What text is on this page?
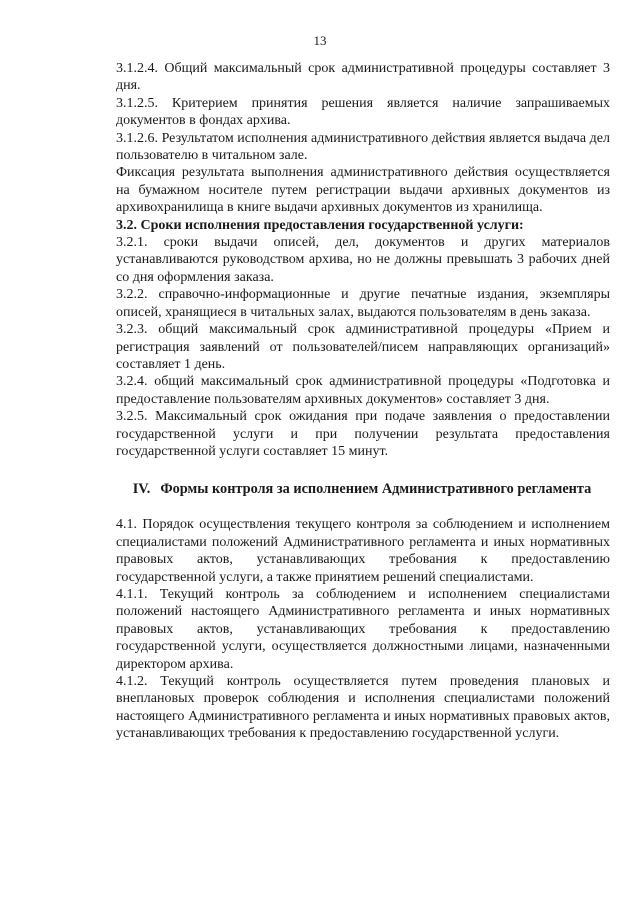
13

3.1.2.4. Общий максимальный срок административной процедуры составляет 3 дня.

3.1.2.5. Критерием принятия решения является наличие запрашиваемых документов в фондах архива.

3.1.2.6. Результатом исполнения административного действия является выдача дел пользователю в читальном зале.

Фиксация результата выполнения административного действия осуществляется на бумажном носителе путем регистрации выдачи архивных документов из архивохранилища в книге выдачи архивных документов из хранилища.

3.2. Сроки исполнения предоставления государственной услуги:

3.2.1. сроки выдачи описей, дел, документов и других материалов устанавливаются руководством архива, но не должны превышать 3 рабочих дней со дня оформления заказа.

3.2.2. справочно-информационные и другие печатные издания, экземпляры описей, хранящиеся в читальных залах, выдаются пользователям в день заказа.

3.2.3. общий максимальный срок административной процедуры «Прием и регистрация заявлений от пользователей/писем направляющих организаций» составляет 1 день.

3.2.4. общий максимальный срок административной процедуры «Подготовка и предоставление пользователям архивных документов» составляет 3 дня.

3.2.5. Максимальный срок ожидания при подаче заявления о предоставлении государственной услуги и при получении результата предоставления государственной услуги составляет 15 минут.

IV. Формы контроля за исполнением Административного регламента

4.1. Порядок осуществления текущего контроля за соблюдением и исполнением специалистами положений Административного регламента и иных нормативных правовых актов, устанавливающих требования к предоставлению государственной услуги, а также принятием решений специалистами.

4.1.1. Текущий контроль за соблюдением и исполнением специалистами положений настоящего Административного регламента и иных нормативных правовых актов, устанавливающих требования к предоставлению государственной услуги, осуществляется должностными лицами, назначенными директором архива.

4.1.2. Текущий контроль осуществляется путем проведения плановых и внеплановых проверок соблюдения и исполнения специалистами положений настоящего Административного регламента и иных нормативных правовых актов, устанавливающих требования к предоставлению государственной услуги.
